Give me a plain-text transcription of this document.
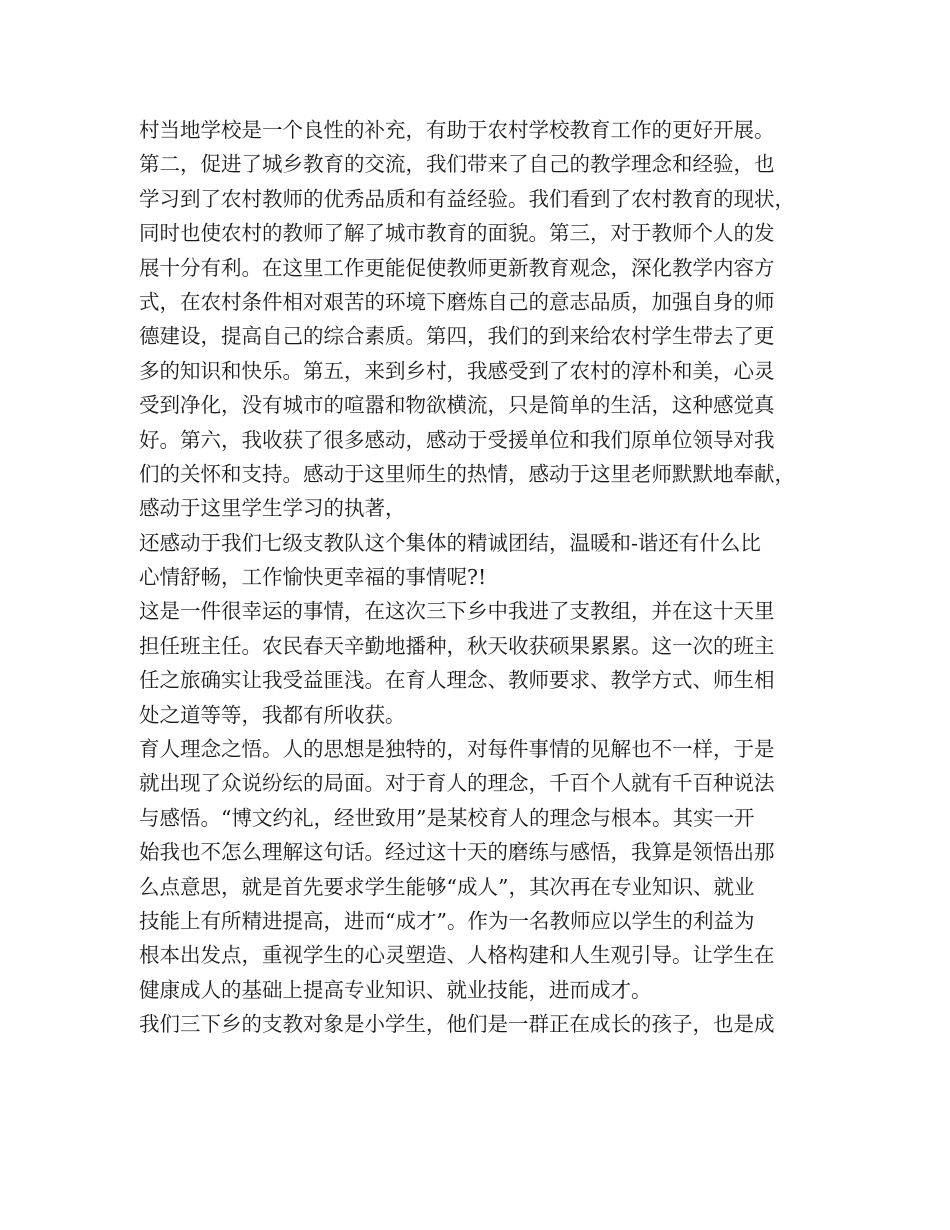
村当地学校是一个良性的补充，有助于农村学校教育工作的更好开展。
第二，促进了城乡教育的交流，我们带来了自己的教学理念和经验，也
学习到了农村教师的优秀品质和有益经验。我们看到了农村教育的现状，
同时也使农村的教师了解了城市教育的面貌。第三，对于教师个人的发
展十分有利。在这里工作更能促使教师更新教育观念，深化教学内容方
式，在农村条件相对艰苦的环境下磨炼自己的意志品质，加强自身的师
德建设，提高自己的综合素质。第四，我们的到来给农村学生带去了更
多的知识和快乐。第五，来到乡村，我感受到了农村的淳朴和美，心灵
受到净化，没有城市的喧嚣和物欲横流，只是简单的生活，这种感觉真
好。第六，我收获了很多感动，感动于受援单位和我们原单位领导对我
们的关怀和支持。感动于这里师生的热情，感动于这里老师默默地奉献，
感动于这里学生学习的执著，
还感动于我们七级支教队这个集体的精诚团结，温暖和-谐还有什么比
心情舒畅，工作愉快更幸福的事情呢?!
这是一件很幸运的事情，在这次三下乡中我进了支教组，并在这十天里
担任班主任。农民春天辛勤地播种，秋天收获硕果累累。这一次的班主
任之旅确实让我受益匪浅。在育人理念、教师要求、教学方式、师生相
处之道等等，我都有所收获。
育人理念之悟。人的思想是独特的，对每件事情的见解也不一样，于是
就出现了众说纷纭的局面。对于育人的理念，千百个人就有千百种说法
与感悟。“博文约礼，经世致用”是某校育人的理念与根本。其实一开
始我也不怎么理解这句话。经过这十天的磨练与感悟，我算是领悟出那
么点意思，就是首先要求学生能够“成人”，其次再在专业知识、就业
技能上有所精进提高，进而“成才”。作为一名教师应以学生的利益为
根本出发点，重视学生的心灵塑造、人格构建和人生观引导。让学生在
健康成人的基础上提高专业知识、就业技能，进而成才。
我们三下乡的支教对象是小学生，他们是一群正在成长的孩子，也是成
